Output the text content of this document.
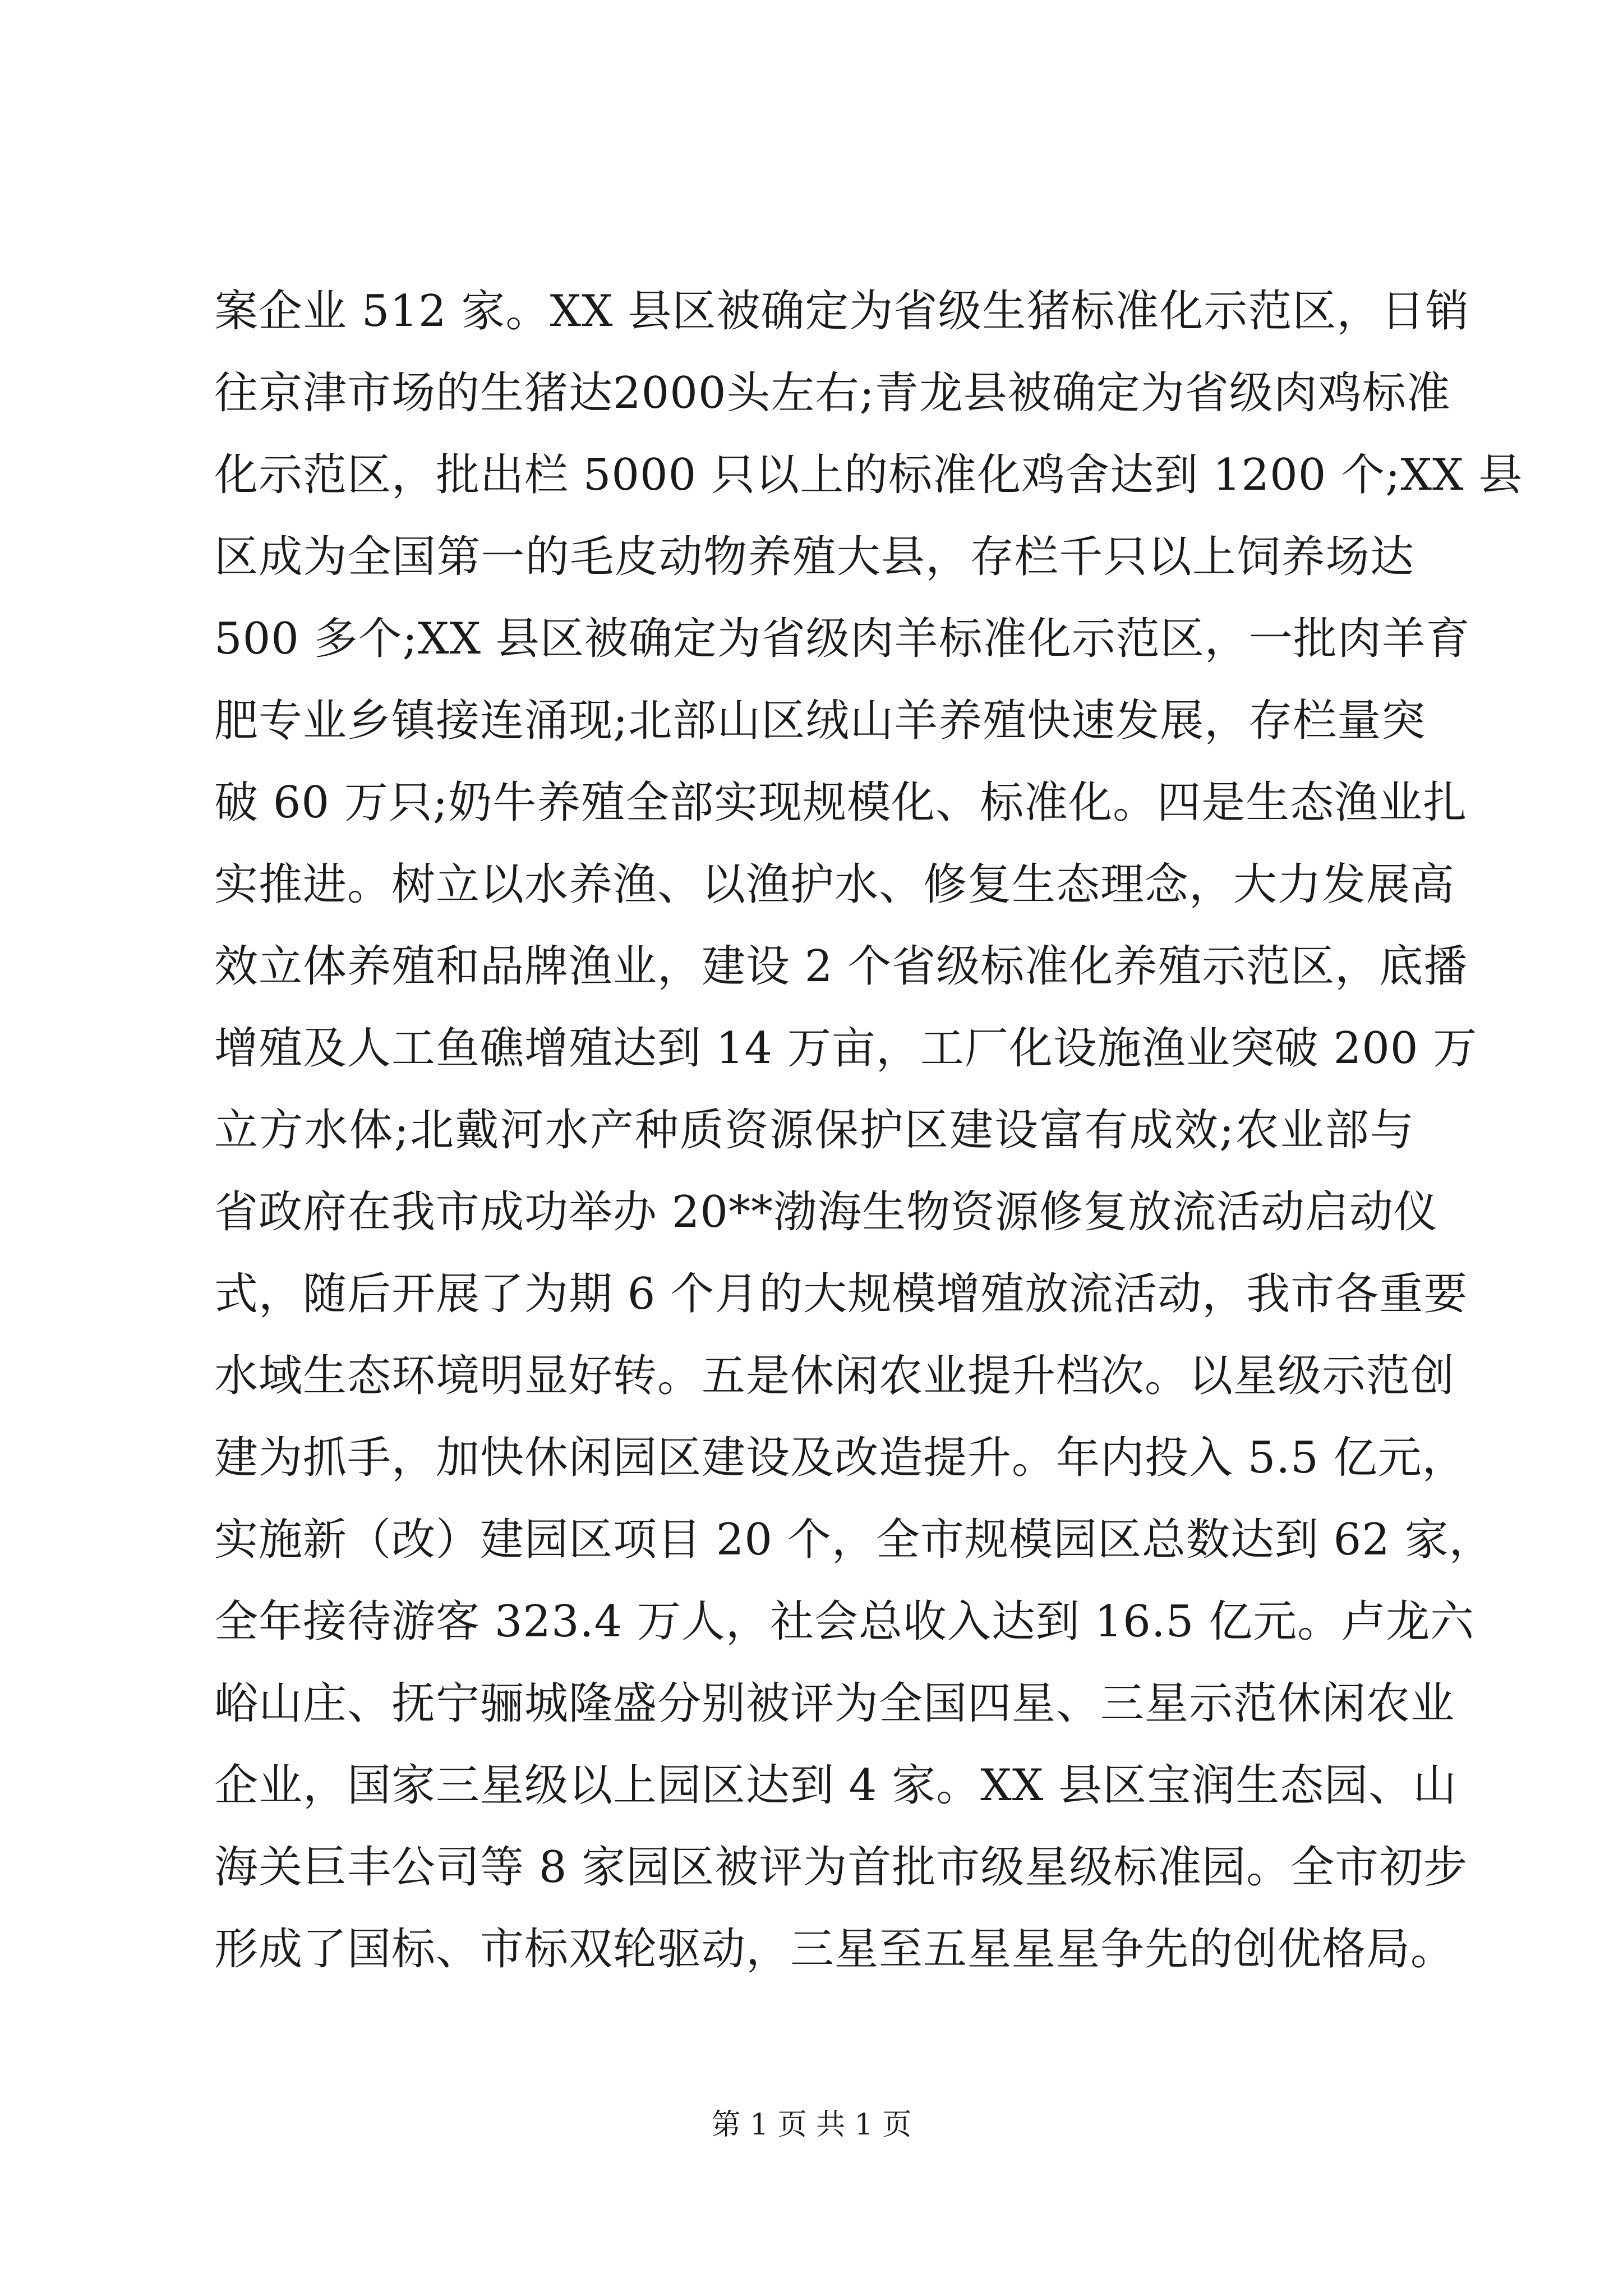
案企业 512 家。XX 县区被确定为省级生猪标准化示范区，日销
往京津市场的生猪达2000头左右;青龙县被确定为省级肉鸡标准
化示范区，批出栏 5000 只以上的标准化鸡舍达到 1200 个;XX 县
区成为全国第一的毛皮动物养殖大县，存栏千只以上饲养场达
500 多个;XX 县区被确定为省级肉羊标准化示范区，一批肉羊育
肥专业乡镇接连涌现;北部山区绒山羊养殖快速发展，存栏量突
破 60 万只;奶牛养殖全部实现规模化、标准化。四是生态渔业扎
实推进。树立以水养渔、以渔护水、修复生态理念，大力发展高
效立体养殖和品牌渔业，建设 2 个省级标准化养殖示范区，底播
增殖及人工鱼礁增殖达到 14 万亩，工厂化设施渔业突破 200 万
立方水体;北戴河水产种质资源保护区建设富有成效;农业部与
省政府在我市成功举办 20**渤海生物资源修复放流活动启动仪
式，随后开展了为期 6 个月的大规模增殖放流活动，我市各重要
水域生态环境明显好转。五是休闲农业提升档次。以星级示范创
建为抓手，加快休闲园区建设及改造提升。年内投入 5.5 亿元，
实施新（改）建园区项目 20 个，全市规模园区总数达到 62 家，
全年接待游客 323.4 万人，社会总收入达到 16.5 亿元。卢龙六
峪山庄、抚宁骊城隆盛分别被评为全国四星、三星示范休闲农业
企业，国家三星级以上园区达到 4 家。XX 县区宝润生态园、山
海关巨丰公司等 8 家园区被评为首批市级星级标准园。全市初步
形成了国标、市标双轮驱动，三星至五星星星争先的创优格局。

第 1 页 共 1 页
